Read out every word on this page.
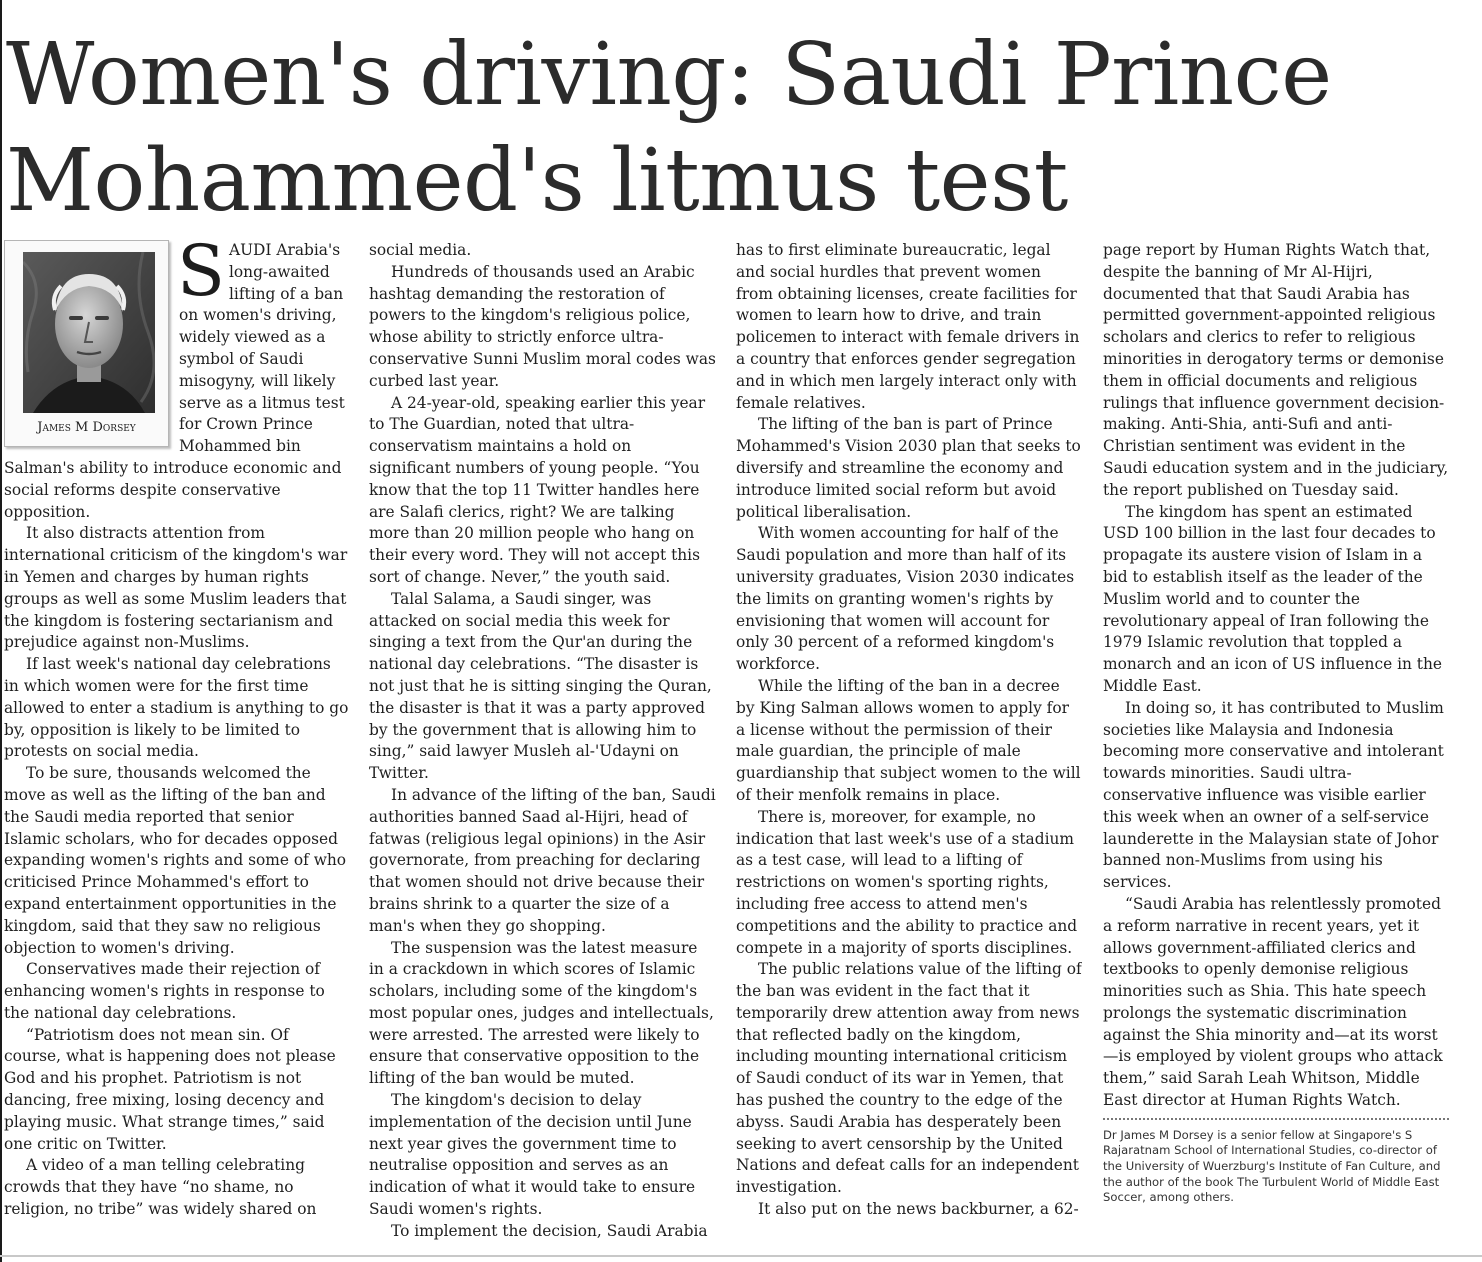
Women's driving: Saudi Prince Mohammed's litmus test
James M Dorsey
S AUDI Arabia's long-awaited lifting of a ban on women's driving, widely viewed as a symbol of Saudi misogyny, will likely serve as a litmus test for Crown Prince Mohammed bin Salman's ability to introduce economic and social reforms despite conservative opposition.

It also distracts attention from international criticism of the kingdom's war in Yemen and charges by human rights groups as well as some Muslim leaders that the kingdom is fostering sectarianism and prejudice against non-Muslims.

If last week's national day celebrations in which women were for the first time allowed to enter a stadium is anything to go by, opposition is likely to be limited to protests on social media.

To be sure, thousands welcomed the move as well as the lifting of the ban and the Saudi media reported that senior Islamic scholars, who for decades opposed expanding women's rights and some of who criticised Prince Mohammed's effort to expand entertainment opportunities in the kingdom, said that they saw no religious objection to women's driving.

Conservatives made their rejection of enhancing women's rights in response to the national day celebrations.

“Patriotism does not mean sin. Of course, what is happening does not please God and his prophet. Patriotism is not dancing, free mixing, losing decency and playing music. What strange times,” said one critic on Twitter.

A video of a man telling celebrating crowds that they have “no shame, no religion, no tribe” was widely shared on

social media.

Hundreds of thousands used an Arabic hashtag demanding the restoration of powers to the kingdom's religious police, whose ability to strictly enforce ultra-conservative Sunni Muslim moral codes was curbed last year.

A 24-year-old, speaking earlier this year to The Guardian, noted that ultra-conservatism maintains a hold on significant numbers of young people. “You know that the top 11 Twitter handles here are Salafi clerics, right? We are talking more than 20 million people who hang on their every word. They will not accept this sort of change. Never,” the youth said.

Talal Salama, a Saudi singer, was attacked on social media this week for singing a text from the Qur'an during the national day celebrations. “The disaster is not just that he is sitting singing the Quran, the disaster is that it was a party approved by the government that is allowing him to sing,” said lawyer Musleh al-'Udayni on Twitter.

In advance of the lifting of the ban, Saudi authorities banned Saad al-Hijri, head of fatwas (religious legal opinions) in the Asir governorate, from preaching for declaring that women should not drive because their brains shrink to a quarter the size of a man's when they go shopping.

The suspension was the latest measure in a crackdown in which scores of Islamic scholars, including some of the kingdom's most popular ones, judges and intellectuals, were arrested. The arrested were likely to ensure that conservative opposition to the lifting of the ban would be muted.

The kingdom's decision to delay implementation of the decision until June next year gives the government time to neutralise opposition and serves as an indication of what it would take to ensure Saudi women's rights.

To implement the decision, Saudi Arabia

has to first eliminate bureaucratic, legal and social hurdles that prevent women from obtaining licenses, create facilities for women to learn how to drive, and train policemen to interact with female drivers in a country that enforces gender segregation and in which men largely interact only with female relatives.

The lifting of the ban is part of Prince Mohammed's Vision 2030 plan that seeks to diversify and streamline the economy and introduce limited social reform but avoid political liberalisation.

With women accounting for half of the Saudi population and more than half of its university graduates, Vision 2030 indicates the limits on granting women's rights by envisioning that women will account for only 30 percent of a reformed kingdom's workforce.

While the lifting of the ban in a decree by King Salman allows women to apply for a license without the permission of their male guardian, the principle of male guardianship that subject women to the will of their menfolk remains in place.

There is, moreover, for example, no indication that last week's use of a stadium as a test case, will lead to a lifting of restrictions on women's sporting rights, including free access to attend men's competitions and the ability to practice and compete in a majority of sports disciplines.

The public relations value of the lifting of the ban was evident in the fact that it temporarily drew attention away from news that reflected badly on the kingdom, including mounting international criticism of Saudi conduct of its war in Yemen, that has pushed the country to the edge of the abyss. Saudi Arabia has desperately been seeking to avert censorship by the United Nations and defeat calls for an independent investigation.

It also put on the news backburner, a 62-

page report by Human Rights Watch that, despite the banning of Mr Al-Hijri, documented that that Saudi Arabia has permitted government-appointed religious scholars and clerics to refer to religious minorities in derogatory terms or demonise them in official documents and religious rulings that influence government decision-making. Anti-Shia, anti-Sufi and anti-Christian sentiment was evident in the Saudi education system and in the judiciary, the report published on Tuesday said.

The kingdom has spent an estimated USD 100 billion in the last four decades to propagate its austere vision of Islam in a bid to establish itself as the leader of the Muslim world and to counter the revolutionary appeal of Iran following the 1979 Islamic revolution that toppled a monarch and an icon of US influence in the Middle East.

In doing so, it has contributed to Muslim societies like Malaysia and Indonesia becoming more conservative and intolerant towards minorities. Saudi ultra-conservative influence was visible earlier this week when an owner of a self-service launderette in the Malaysian state of Johor banned non-Muslims from using his services.

“Saudi Arabia has relentlessly promoted a reform narrative in recent years, yet it allows government-affiliated clerics and textbooks to openly demonise religious minorities such as Shia. This hate speech prolongs the systematic discrimination against the Shia minority and—at its worst—is employed by violent groups who attack them,” said Sarah Leah Whitson, Middle East director at Human Rights Watch.

Dr James M Dorsey is a senior fellow at Singapore's S Rajaratnam School of International Studies, co-director of the University of Wuerzburg's Institute of Fan Culture, and the author of the book The Turbulent World of Middle East Soccer, among others.
